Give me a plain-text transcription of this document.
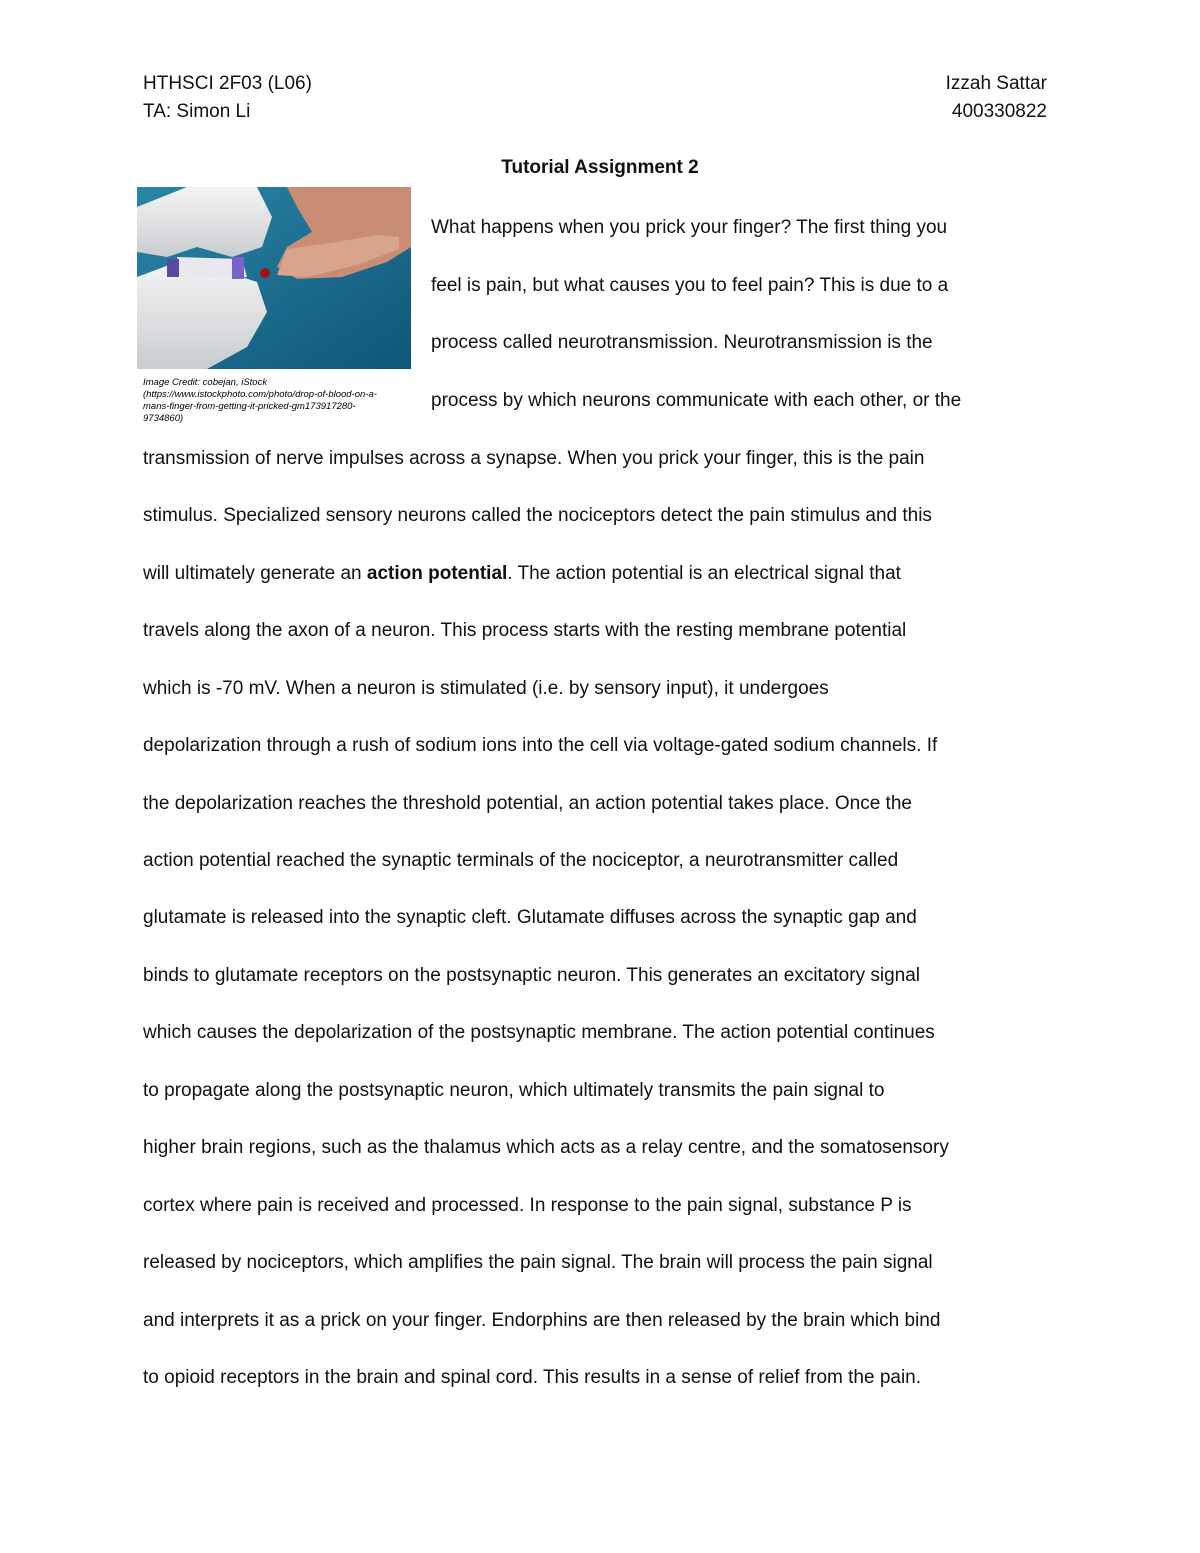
HTHSCI 2F03 (L06)
TA: Simon Li
Izzah Sattar
400330822
Tutorial Assignment 2
Image Credit: cobejan, iStock (https://www.istockphoto.com/photo/drop-of-blood-on-a-mans-finger-from-getting-it-pricked-gm173917280-9734860)
What happens when you prick your finger? The first thing you
feel is pain, but what causes you to feel pain? This is due to a
process called neurotransmission. Neurotransmission is the
process by which neurons communicate with each other, or the
transmission of nerve impulses across a synapse. When you prick your finger, this is the pain
stimulus. Specialized sensory neurons called the nociceptors detect the pain stimulus and this
will ultimately generate an action potential. The action potential is an electrical signal that
travels along the axon of a neuron. This process starts with the resting membrane potential
which is -70 mV. When a neuron is stimulated (i.e. by sensory input), it undergoes
depolarization through a rush of sodium ions into the cell via voltage-gated sodium channels. If
the depolarization reaches the threshold potential, an action potential takes place. Once the
action potential reached the synaptic terminals of the nociceptor, a neurotransmitter called
glutamate is released into the synaptic cleft. Glutamate diffuses across the synaptic gap and
binds to glutamate receptors on the postsynaptic neuron. This generates an excitatory signal
which causes the depolarization of the postsynaptic membrane. The action potential continues
to propagate along the postsynaptic neuron, which ultimately transmits the pain signal to
higher brain regions, such as the thalamus which acts as a relay centre, and the somatosensory
cortex where pain is received and processed. In response to the pain signal, substance P is
released by nociceptors, which amplifies the pain signal. The brain will process the pain signal
and interprets it as a prick on your finger. Endorphins are then released by the brain which bind
to opioid receptors in the brain and spinal cord. This results in a sense of relief from the pain.
